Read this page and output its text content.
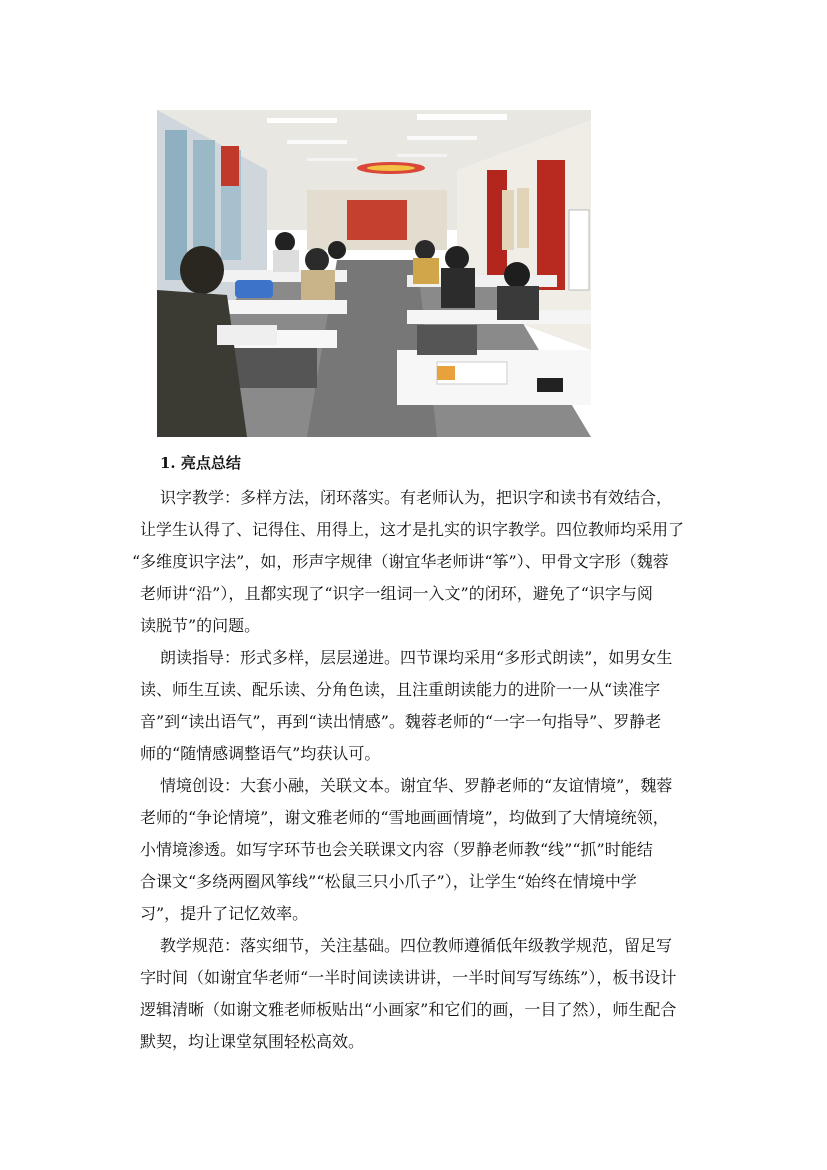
1. 亮点总结
识字教学：多样方法，闭环落实。有老师认为，把识字和读书有效结合，
让学生认得了、记得住、用得上，这才是扎实的识字教学。四位教师均采用了
“多维度识字法”，如，形声字规律（谢宜华老师讲“筝”）、甲骨文字形（魏蓉
老师讲“沿”），且都实现了“识字一组词一入文”的闭环，避免了“识字与阅
读脱节”的问题。
朗读指导：形式多样，层层递进。四节课均采用“多形式朗读”，如男女生
读、师生互读、配乐读、分角色读，且注重朗读能力的进阶一一从“读准字
音”到“读出语气”，再到“读出情感”。魏蓉老师的“一字一句指导”、罗静老
师的“随情感调整语气”均获认可。
情境创设：大套小融，关联文本。谢宜华、罗静老师的“友谊情境”，魏蓉
老师的“争论情境”，谢文雅老师的“雪地画画情境”，均做到了大情境统领，
小情境渗透。如写字环节也会关联课文内容（罗静老师教“线”“抓”时能结
合课文“多绕两圈风筝线”“松鼠三只小爪子”），让学生“始终在情境中学
习”，提升了记忆效率。
教学规范：落实细节，关注基础。四位教师遵循低年级教学规范，留足写
字时间（如谢宜华老师“一半时间读读讲讲，一半时间写写练练”），板书设计
逻辑清晰（如谢文雅老师板贴出“小画家”和它们的画，一目了然），师生配合
默契，均让课堂氛围轻松高效。
